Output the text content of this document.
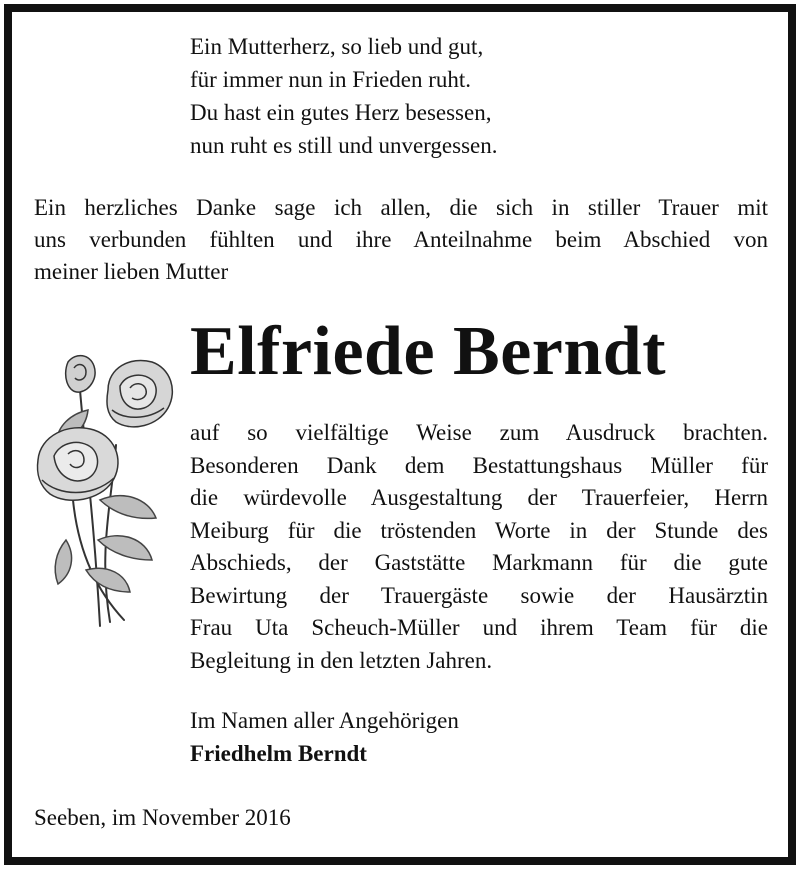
Ein Mutterherz, so lieb und gut,
für immer nun in Frieden ruht.
Du hast ein gutes Herz besessen,
nun ruht es still und unvergessen.
Ein herzliches Danke sage ich allen, die sich in stiller Trauer mit
uns verbunden fühlten und ihre Anteilnahme beim Abschied von
meiner lieben Mutter
Elfriede Berndt
auf so vielfältige Weise zum Ausdruck brachten.
Besonderen Dank dem Bestattungshaus Müller für
die würdevolle Ausgestaltung der Trauerfeier, Herrn
Meiburg für die tröstenden Worte in der Stunde des
Abschieds, der Gaststätte Markmann für die gute
Bewirtung der Trauergäste sowie der Hausärztin
Frau Uta Scheuch-Müller und ihrem Team für die
Begleitung in den letzten Jahren.
Im Namen aller Angehörigen
Friedhelm Berndt
Seeben, im November 2016
